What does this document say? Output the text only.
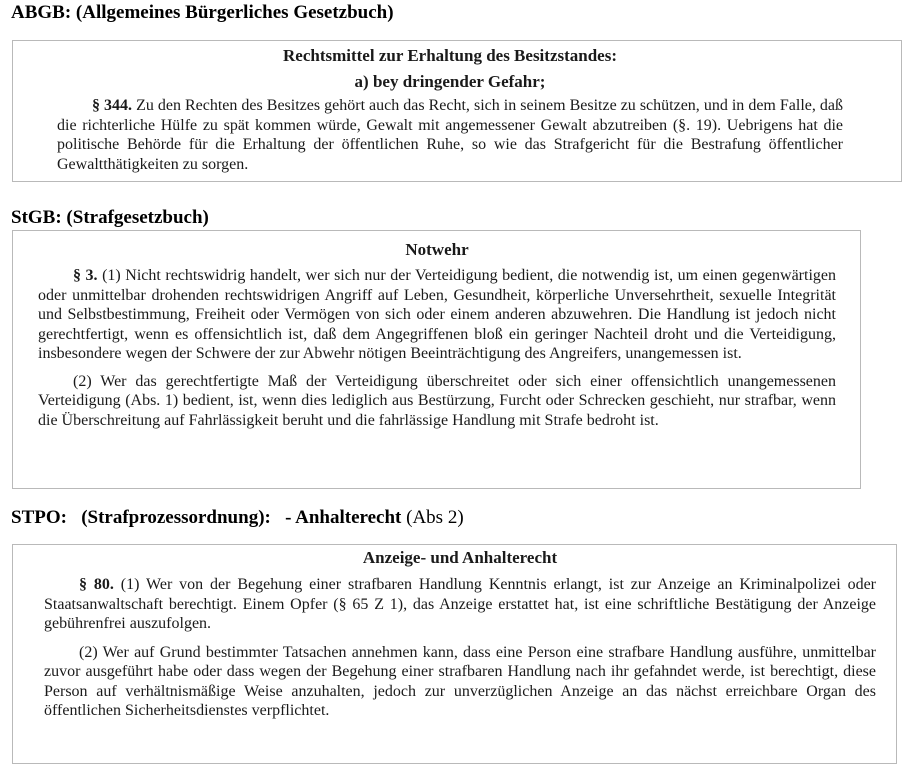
ABGB: (Allgemeines Bürgerliches Gesetzbuch)
Rechtsmittel zur Erhaltung des Besitzstandes:
a) bey dringender Gefahr;

§ 344. Zu den Rechten des Besitzes gehört auch das Recht, sich in seinem Besitze zu schützen, und in dem Falle, daß die richterliche Hülfe zu spät kommen würde, Gewalt mit angemessener Gewalt abzutreiben (§. 19). Uebrigens hat die politische Behörde für die Erhaltung der öffentlichen Ruhe, so wie das Strafgericht für die Bestrafung öffentlicher Gewaltthätigkeiten zu sorgen.

StGB: (Strafgesetzbuch)
Notwehr

§ 3. (1) Nicht rechtswidrig handelt, wer sich nur der Verteidigung bedient, die notwendig ist, um einen gegenwärtigen oder unmittelbar drohenden rechtswidrigen Angriff auf Leben, Gesundheit, körperliche Unversehrtheit, sexuelle Integrität und Selbstbestimmung, Freiheit oder Vermögen von sich oder einem anderen abzuwehren. Die Handlung ist jedoch nicht gerechtfertigt, wenn es offensichtlich ist, daß dem Angegriffenen bloß ein geringer Nachteil droht und die Verteidigung, insbesondere wegen der Schwere der zur Abwehr nötigen Beeinträchtigung des Angreifers, unangemessen ist.

(2) Wer das gerechtfertigte Maß der Verteidigung überschreitet oder sich einer offensichtlich unangemessenen Verteidigung (Abs. 1) bedient, ist, wenn dies lediglich aus Bestürzung, Furcht oder Schrecken geschieht, nur strafbar, wenn die Überschreitung auf Fahrlässigkeit beruht und die fahrlässige Handlung mit Strafe bedroht ist.

STPO:   (Strafprozessordnung):   - Anhalterecht (Abs 2)
Anzeige- und Anhalterecht

§ 80. (1) Wer von der Begehung einer strafbaren Handlung Kenntnis erlangt, ist zur Anzeige an Kriminalpolizei oder Staatsanwaltschaft berechtigt. Einem Opfer (§ 65 Z 1), das Anzeige erstattet hat, ist eine schriftliche Bestätigung der Anzeige gebührenfrei auszufolgen.

(2) Wer auf Grund bestimmter Tatsachen annehmen kann, dass eine Person eine strafbare Handlung ausführe, unmittelbar zuvor ausgeführt habe oder dass wegen der Begehung einer strafbaren Handlung nach ihr gefahndet werde, ist berechtigt, diese Person auf verhältnismäßige Weise anzuhalten, jedoch zur unverzüglichen Anzeige an das nächst erreichbare Organ des öffentlichen Sicherheitsdienstes verpflichtet.
